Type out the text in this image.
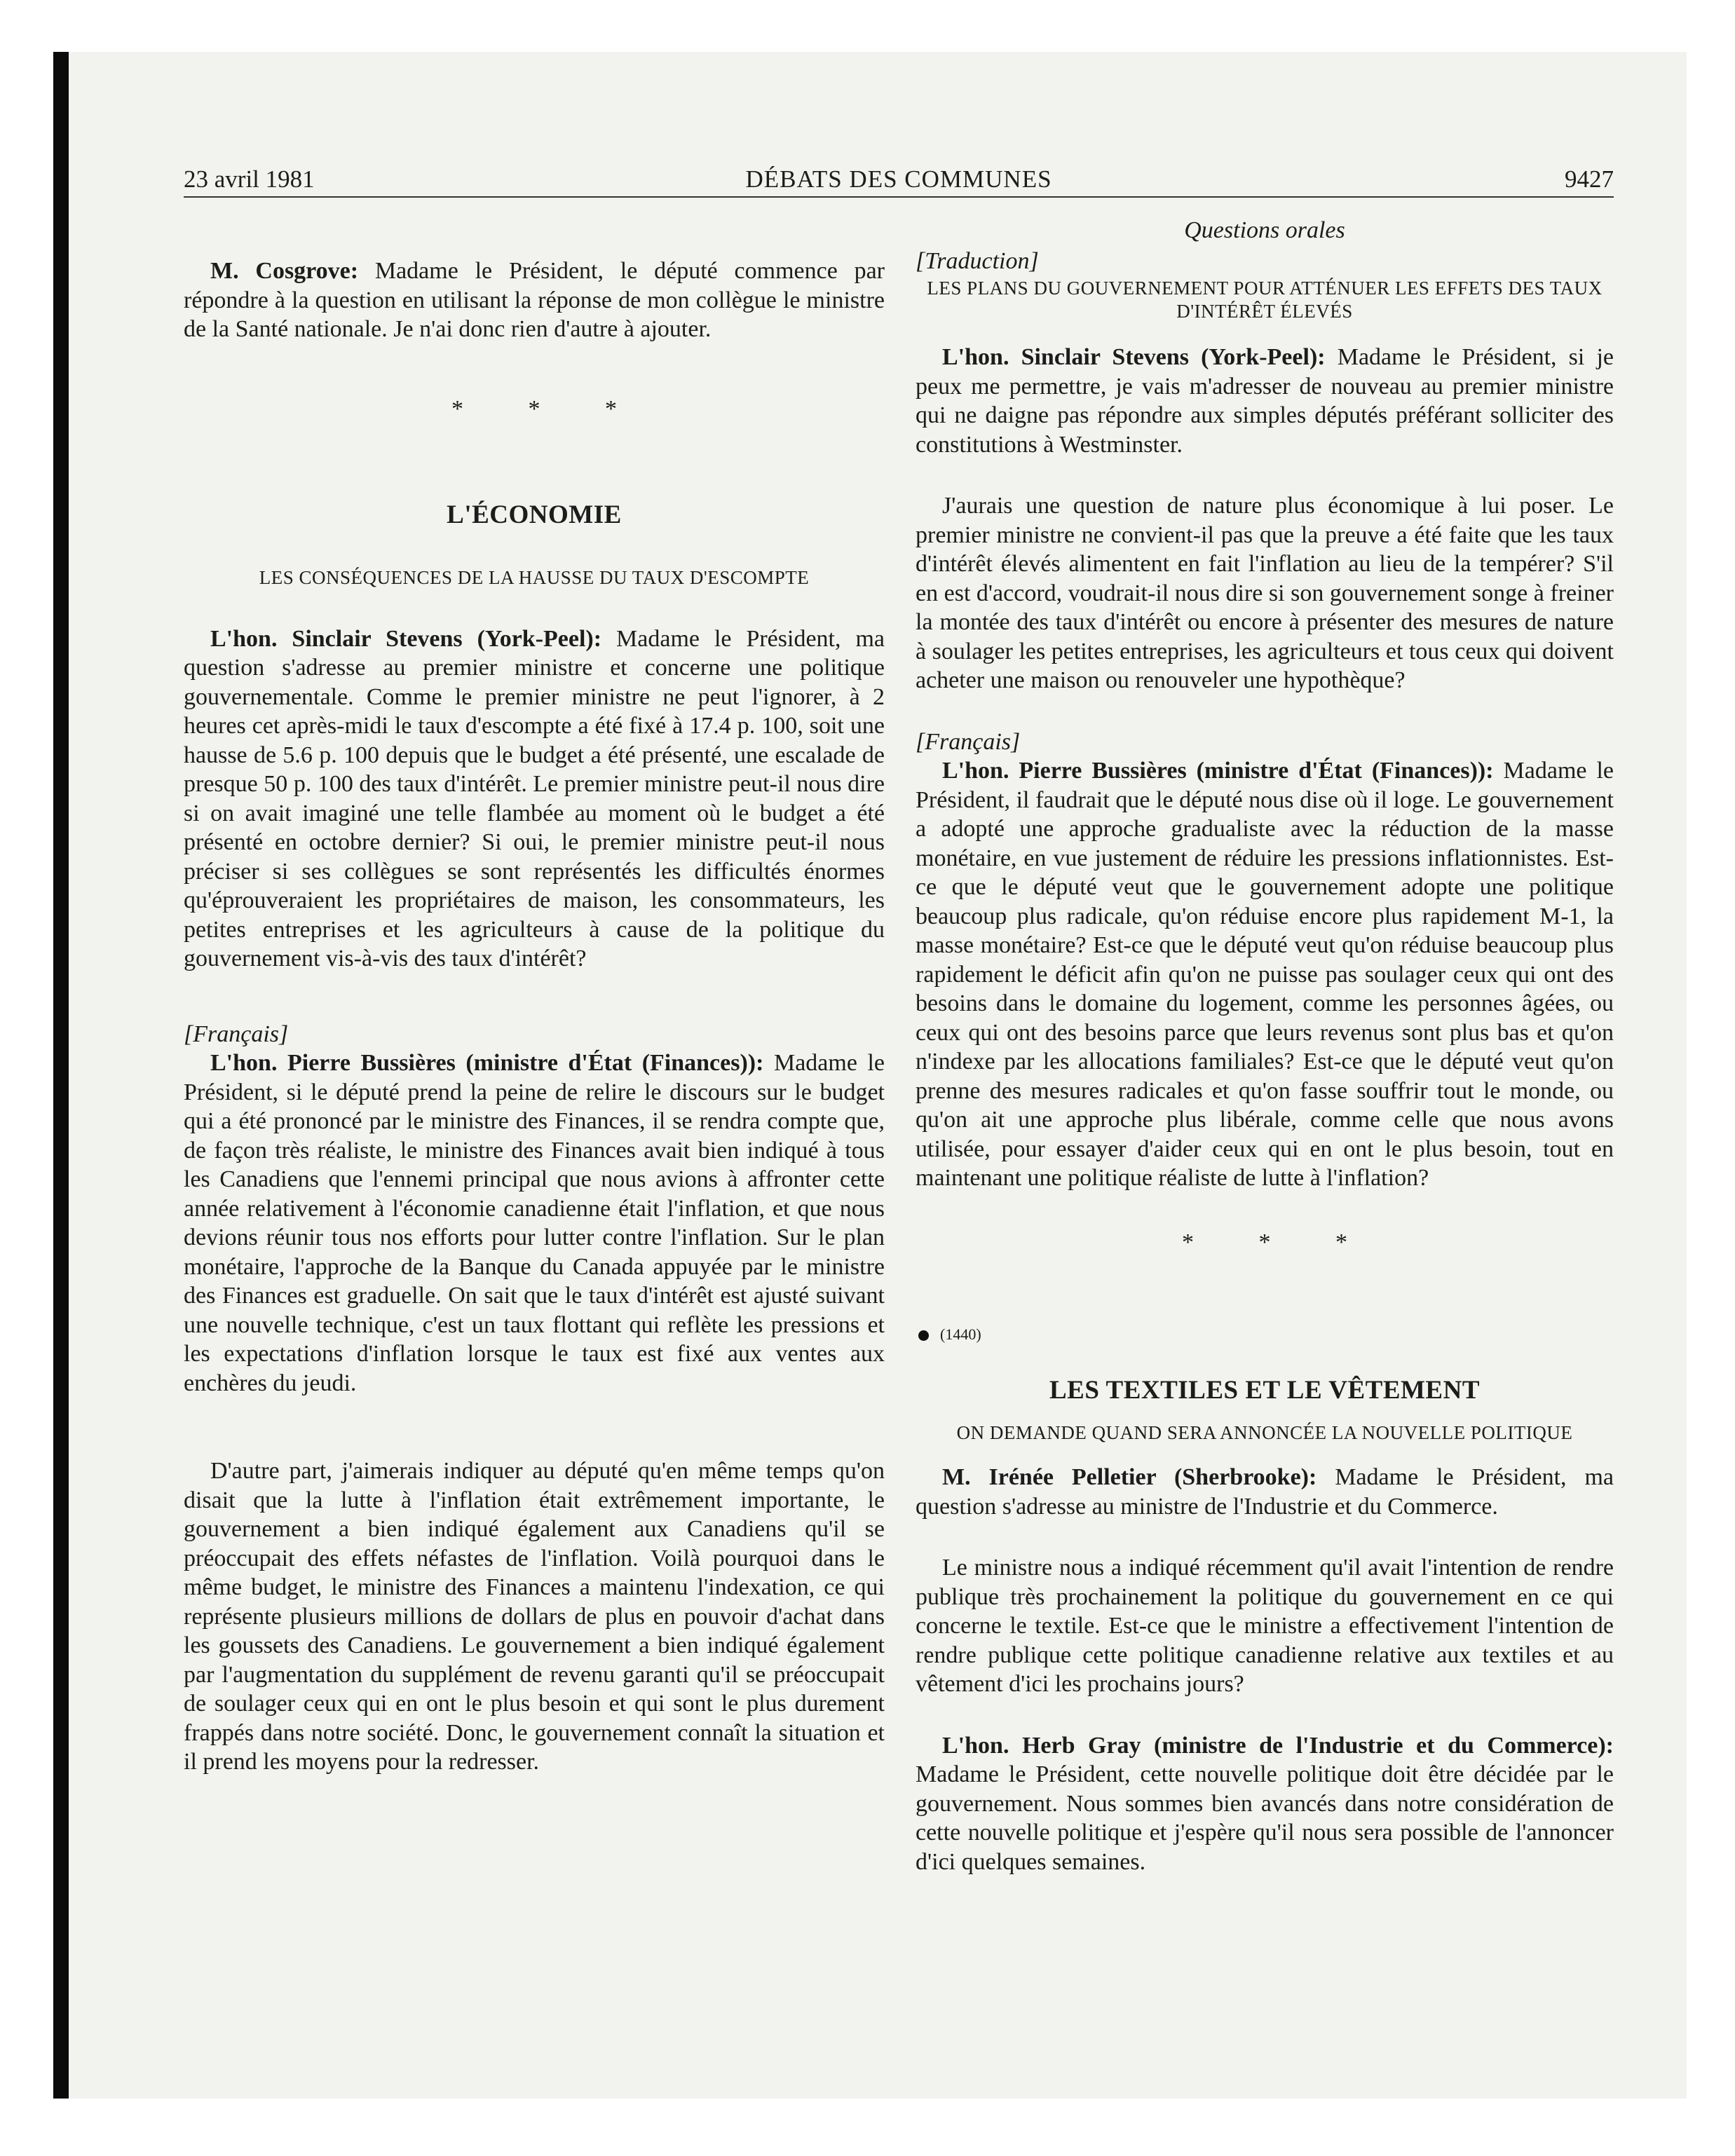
23 avril 1981	DÉBATS DES COMMUNES	9427

M. Cosgrove: Madame le Président, le député commence par répondre à la question en utilisant la réponse de mon collègue le ministre de la Santé nationale. Je n'ai donc rien d'autre à ajouter.

* * *
L'ÉCONOMIE
LES CONSÉQUENCES DE LA HAUSSE DU TAUX D'ESCOMPTE

L'hon. Sinclair Stevens (York-Peel): Madame le Président, ma question s'adresse au premier ministre et concerne une politique gouvernementale. Comme le premier ministre ne peut l'ignorer, à 2 heures cet après-midi le taux d'escompte a été fixé à 17.4 p. 100, soit une hausse de 5.6 p. 100 depuis que le budget a été présenté, une escalade de presque 50 p. 100 des taux d'intérêt. Le premier ministre peut-il nous dire si on avait imaginé une telle flambée au moment où le budget a été présenté en octobre dernier? Si oui, le premier ministre peut-il nous préciser si ses collègues se sont représentés les difficultés énormes qu'éprouveraient les propriétaires de maison, les consommateurs, les petites entreprises et les agriculteurs à cause de la politique du gouvernement vis-à-vis des taux d'intérêt?

[Français]

L'hon. Pierre Bussières (ministre d'État (Finances)): Madame le Président, si le député prend la peine de relire le discours sur le budget qui a été prononcé par le ministre des Finances, il se rendra compte que, de façon très réaliste, le ministre des Finances avait bien indiqué à tous les Canadiens que l'ennemi principal que nous avions à affronter cette année relativement à l'économie canadienne était l'inflation, et que nous devions réunir tous nos efforts pour lutter contre l'inflation. Sur le plan monétaire, l'approche de la Banque du Canada appuyée par le ministre des Finances est graduelle. On sait que le taux d'intérêt est ajusté suivant une nouvelle technique, c'est un taux flottant qui reflète les pressions et les expectations d'inflation lorsque le taux est fixé aux ventes aux enchères du jeudi.

D'autre part, j'aimerais indiquer au député qu'en même temps qu'on disait que la lutte à l'inflation était extrêmement importante, le gouvernement a bien indiqué également aux Canadiens qu'il se préoccupait des effets néfastes de l'inflation. Voilà pourquoi dans le même budget, le ministre des Finances a maintenu l'indexation, ce qui représente plusieurs millions de dollars de plus en pouvoir d'achat dans les goussets des Canadiens. Le gouvernement a bien indiqué également par l'augmentation du supplément de revenu garanti qu'il se préoccupait de soulager ceux qui en ont le plus besoin et qui sont le plus durement frappés dans notre société. Donc, le gouvernement connaît la situation et il prend les moyens pour la redresser.

Questions orales
[Traduction]
LES PLANS DU GOUVERNEMENT POUR ATTÉNUER LES EFFETS DES TAUX D'INTÉRÊT ÉLEVÉS

L'hon. Sinclair Stevens (York-Peel): Madame le Président, si je peux me permettre, je vais m'adresser de nouveau au premier ministre qui ne daigne pas répondre aux simples députés préférant solliciter des constitutions à Westminster.

J'aurais une question de nature plus économique à lui poser. Le premier ministre ne convient-il pas que la preuve a été faite que les taux d'intérêt élevés alimentent en fait l'inflation au lieu de la tempérer? S'il en est d'accord, voudrait-il nous dire si son gouvernement songe à freiner la montée des taux d'intérêt ou encore à présenter des mesures de nature à soulager les petites entreprises, les agriculteurs et tous ceux qui doivent acheter une maison ou renouveler une hypothèque?

[Français]

L'hon. Pierre Bussières (ministre d'État (Finances)): Madame le Président, il faudrait que le député nous dise où il loge. Le gouvernement a adopté une approche gradualiste avec la réduction de la masse monétaire, en vue justement de réduire les pressions inflationnistes. Est-ce que le député veut que le gouvernement adopte une politique beaucoup plus radicale, qu'on réduise encore plus rapidement M-1, la masse monétaire? Est-ce que le député veut qu'on réduise beaucoup plus rapidement le déficit afin qu'on ne puisse pas soulager ceux qui ont des besoins dans le domaine du logement, comme les personnes âgées, ou ceux qui ont des besoins parce que leurs revenus sont plus bas et qu'on n'indexe par les allocations familiales? Est-ce que le député veut qu'on prenne des mesures radicales et qu'on fasse souffrir tout le monde, ou qu'on ait une approche plus libérale, comme celle que nous avons utilisée, pour essayer d'aider ceux qui en ont le plus besoin, tout en maintenant une politique réaliste de lutte à l'inflation?

* * *
(1440)
LES TEXTILES ET LE VÊTEMENT
ON DEMANDE QUAND SERA ANNONCÉE LA NOUVELLE POLITIQUE

M. Irénée Pelletier (Sherbrooke): Madame le Président, ma question s'adresse au ministre de l'Industrie et du Commerce.

Le ministre nous a indiqué récemment qu'il avait l'intention de rendre publique très prochainement la politique du gouvernement en ce qui concerne le textile. Est-ce que le ministre a effectivement l'intention de rendre publique cette politique canadienne relative aux textiles et au vêtement d'ici les prochains jours?

L'hon. Herb Gray (ministre de l'Industrie et du Commerce): Madame le Président, cette nouvelle politique doit être décidée par le gouvernement. Nous sommes bien avancés dans notre considération de cette nouvelle politique et j'espère qu'il nous sera possible de l'annoncer d'ici quelques semaines.
